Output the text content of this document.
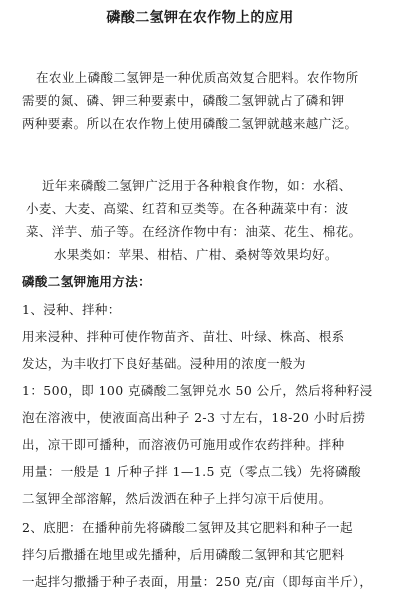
磷酸二氢钾在农作物上的应用
在农业上磷酸二氢钾是一种优质高效复合肥料。农作物所
需要的氮、磷、钾三种要素中，磷酸二氢钾就占了磷和钾
两种要素。所以在农作物上使用磷酸二氢钾就越来越广泛。
近年来磷酸二氢钾广泛用于各种粮食作物，如：水稻、
小麦、大麦、高粱、红苕和豆类等。在各种蔬菜中有：波
菜、洋芋、茄子等。在经济作物中有：油菜、花生、棉花。
水果类如：苹果、柑桔、广柑、桑树等效果均好。
磷酸二氢钾施用方法：
1、浸种、拌种：
用来浸种、拌种可使作物苗齐、苗壮、叶绿、株高、根系
发达，为丰收打下良好基础。浸种用的浓度一般为
1：500，即 100 克磷酸二氢钾兑水 50 公斤，然后将种籽浸
泡在溶液中，使液面高出种子 2-3 寸左右，18-20 小时后捞
出，凉干即可播种，而溶液仍可施用或作农药拌种。拌种
用量：一般是 1 斤种子拌 1—1.5 克（零点二钱）先将磷酸
二氢钾全部溶解，然后泼洒在种子上拌匀凉干后使用。
2、底肥：在播种前先将磷酸二氢钾及其它肥料和种子一起
拌匀后撒播在地里或先播种，后用磷酸二氢钾和其它肥料
一起拌匀撒播于种子表面，用量：250 克/亩（即每亩半斤），
